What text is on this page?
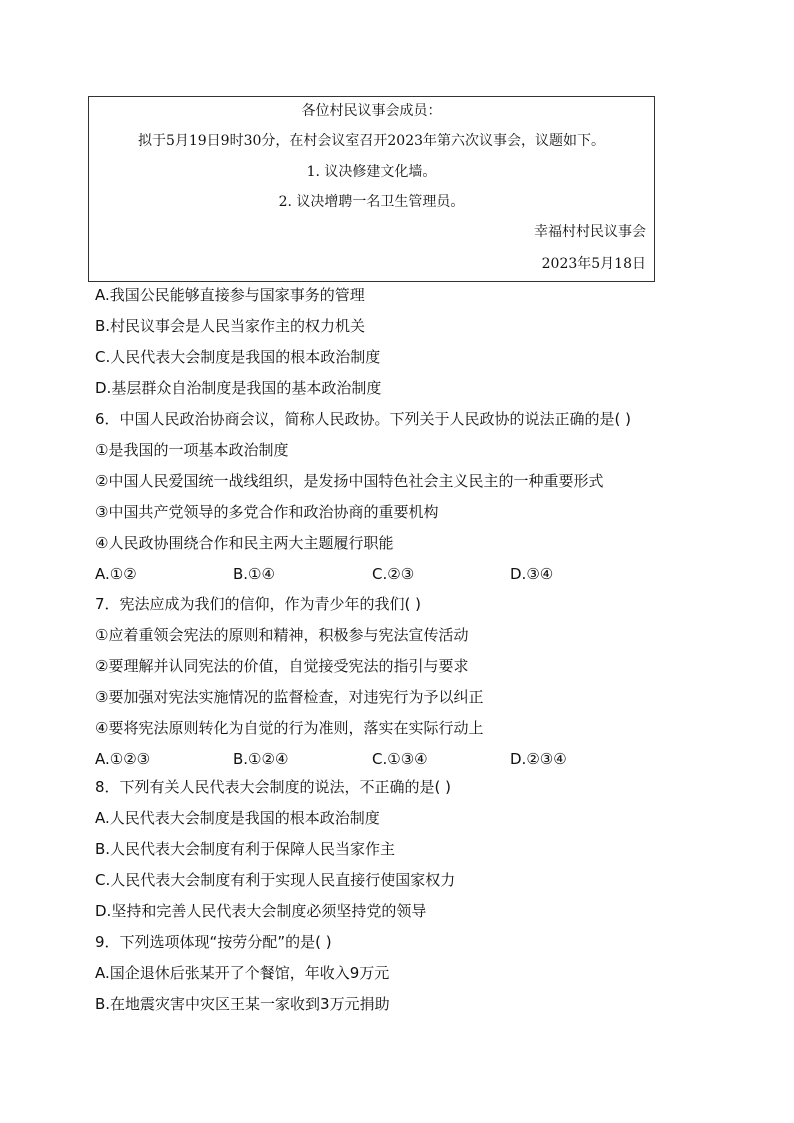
各位村民议事会成员：
拟于5月19日9时30分，在村会议室召开2023年第六次议事会，议题如下。
1. 议决修建文化墙。
2. 议决增聘一名卫生管理员。
幸福村村民议事会
2023年5月18日
A.我国公民能够直接参与国家事务的管理
B.村民议事会是人民当家作主的权力机关
C.人民代表大会制度是我国的根本政治制度
D.基层群众自治制度是我国的基本政治制度
6．中国人民政治协商会议，简称人民政协。下列关于人民政协的说法正确的是( )
①是我国的一项基本政治制度
②中国人民爱国统一战线组织，是发扬中国特色社会主义民主的一种重要形式
③中国共产党领导的多党合作和政治协商的重要机构
④人民政协围绕合作和民主两大主题履行职能
A.①②	B.①④	C.②③	D.③④
7．宪法应成为我们的信仰，作为青少年的我们( )
①应着重领会宪法的原则和精神，积极参与宪法宣传活动
②要理解并认同宪法的价值，自觉接受宪法的指引与要求
③要加强对宪法实施情况的监督检查，对违宪行为予以纠正
④要将宪法原则转化为自觉的行为准则，落实在实际行动上
A.①②③	B.①②④	C.①③④	D.②③④
8．下列有关人民代表大会制度的说法，不正确的是( )
A.人民代表大会制度是我国的根本政治制度
B.人民代表大会制度有利于保障人民当家作主
C.人民代表大会制度有利于实现人民直接行使国家权力
D.坚持和完善人民代表大会制度必须坚持党的领导
9．下列选项体现“按劳分配”的是( )
A.国企退休后张某开了个餐馆，年收入9万元
B.在地震灾害中灾区王某一家收到3万元捐助
